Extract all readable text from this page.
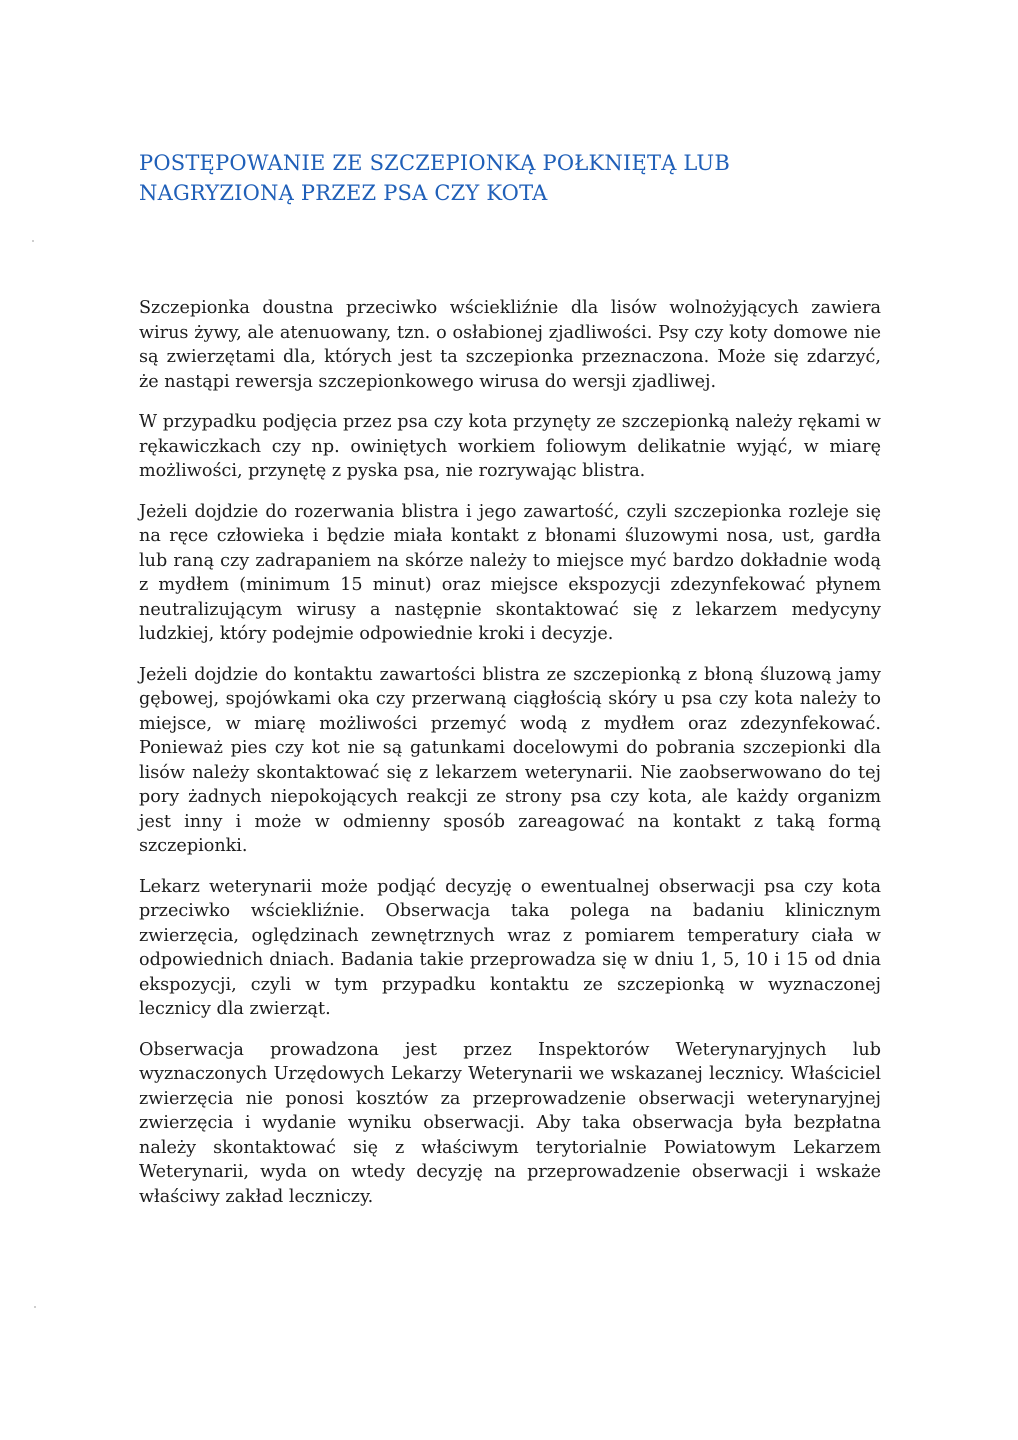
POSTĘPOWANIE ZE SZCZEPIONKĄ POŁKNIĘTĄ LUB NAGRYZIONĄ PRZEZ PSA CZY KOTA

Szczepionka doustna przeciwko wściekliźnie dla lisów wolnożyjących zawiera wirus żywy, ale atenuowany, tzn. o osłabionej zjadliwości. Psy czy koty domowe nie są zwierzętami dla, których jest ta szczepionka przeznaczona. Może się zdarzyć, że nastąpi rewersja szczepionkowego wirusa do wersji zjadliwej.

W przypadku podjęcia przez psa czy kota przynęty ze szczepionką należy rękami w rękawiczkach czy np. owiniętych workiem foliowym delikatnie wyjąć, w miarę możliwości, przynętę z pyska psa, nie rozrywając blistra.

Jeżeli dojdzie do rozerwania blistra i jego zawartość, czyli szczepionka rozleje się na ręce człowieka i będzie miała kontakt z błonami śluzowymi nosa, ust, gardła lub raną czy zadrapaniem na skórze należy to miejsce myć bardzo dokładnie wodą z mydłem (minimum 15 minut) oraz miejsce ekspozycji zdezynfekować płynem neutralizującym wirusy a następnie skontaktować się z lekarzem medycyny ludzkiej, który podejmie odpowiednie kroki i decyzje.

Jeżeli dojdzie do kontaktu zawartości blistra ze szczepionką z błoną śluzową jamy gębowej, spojówkami oka czy przerwaną ciągłością skóry u psa czy kota należy to miejsce, w miarę możliwości przemyć wodą z mydłem oraz zdezynfekować. Ponieważ pies czy kot nie są gatunkami docelowymi do pobrania szczepionki dla lisów należy skontaktować się z lekarzem weterynarii. Nie zaobserwowano do tej pory żadnych niepokojących reakcji ze strony psa czy kota, ale każdy organizm jest inny i może w odmienny sposób zareagować na kontakt z taką formą szczepionki.

Lekarz weterynarii może podjąć decyzję o ewentualnej obserwacji psa czy kota przeciwko wściekliźnie. Obserwacja taka polega na badaniu klinicznym zwierzęcia, oględzinach zewnętrznych wraz z pomiarem temperatury ciała w odpowiednich dniach. Badania takie przeprowadza się w dniu 1, 5, 10 i 15 od dnia ekspozycji, czyli w tym przypadku kontaktu ze szczepionką w wyznaczonej lecznicy dla zwierząt.

Obserwacja prowadzona jest przez Inspektorów Weterynaryjnych lub wyznaczonych Urzędowych Lekarzy Weterynarii we wskazanej lecznicy. Właściciel zwierzęcia nie ponosi kosztów za przeprowadzenie obserwacji weterynaryjnej zwierzęcia i wydanie wyniku obserwacji. Aby taka obserwacja była bezpłatna należy skontaktować się z właściwym terytorialnie Powiatowym Lekarzem Weterynarii, wyda on wtedy decyzję na przeprowadzenie obserwacji i wskaże właściwy zakład leczniczy.
